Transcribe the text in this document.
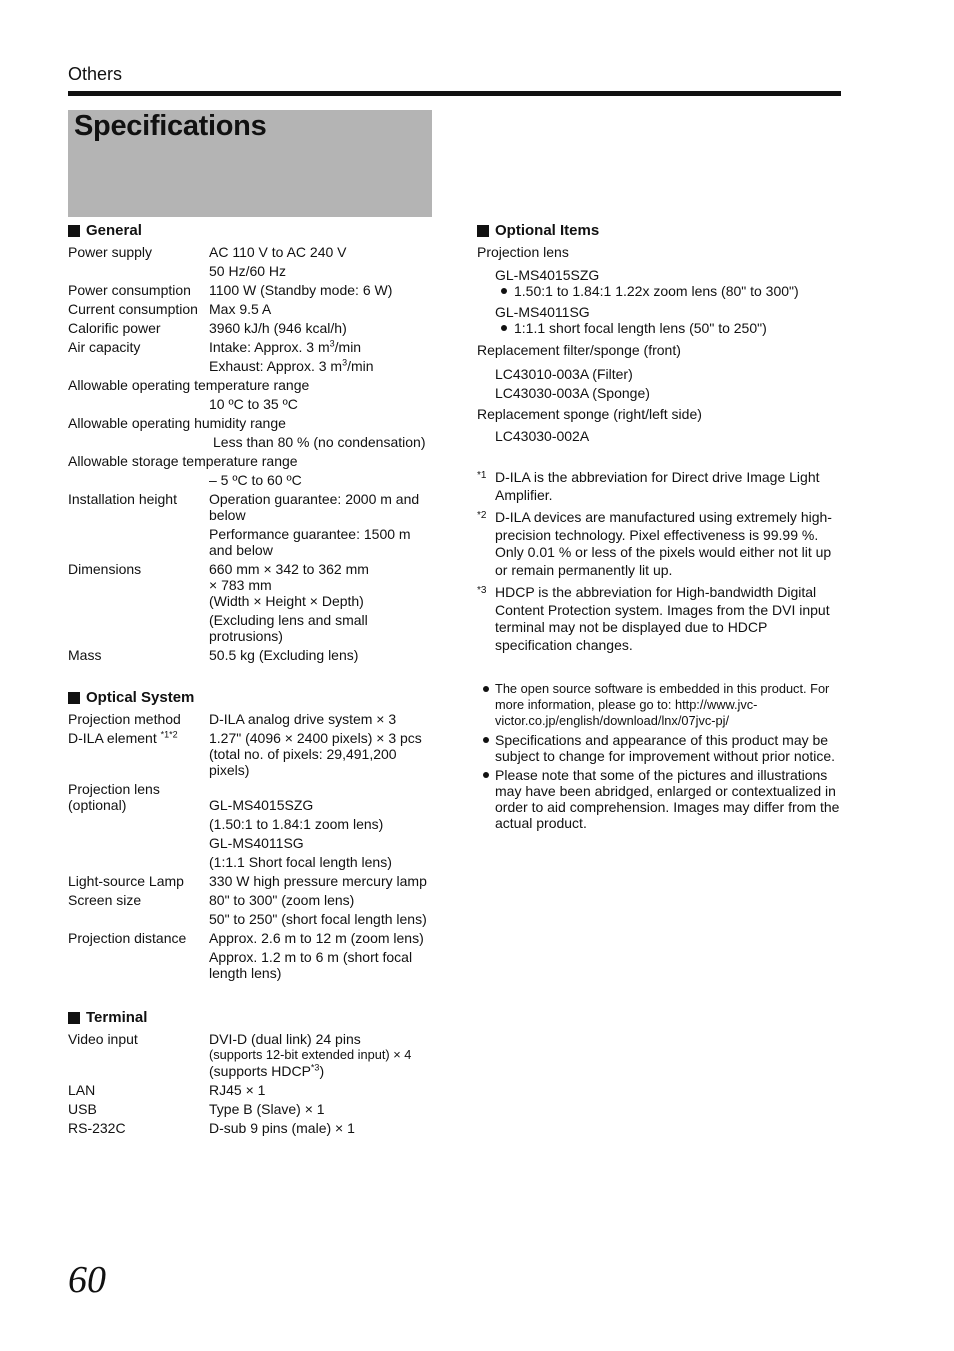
Others
Specifications
General
Power supply	AC 110 V to AC 240 V
50 Hz/60 Hz
Power consumption	1100 W (Standby mode: 6 W)
Current consumption Max 9.5 A
Calorific power	3960 kJ/h (946 kcal/h)
Air capacity	Intake: Approx. 3 $m^3/\min$
Exhaust: Approx. 3 $m^3/\min$
Allowable operating temperature range
10 ºC to 35 ºC
Allowable operating humidity range
Less than 80 % (no condensation)
Allowable storage temperature range
– 5 ºC to 60 ºC
Installation height	Operation guarantee: 2000 m and below
Performance guarantee: 1500 m and below
Dimensions	660 mm × 342 to 362 mm × 783 mm
(Width × Height × Depth)
(Excluding lens and small protrusions)
Mass	50.5 kg (Excluding lens)
Optical System
Projection method	D-ILA analog drive system × 3
D-ILA element $^{*1*2}$	1.27" (4096 × 2400 pixels) × 3 pcs (total no. of pixels: 29,491,200 pixels)
Projection lens
(optional)	GL-MS4015SZG
(1.50:1 to 1.84:1 zoom lens)
GL-MS4011SG
(1:1.1 Short focal length lens)
Light-source Lamp	330 W high pressure mercury lamp
Screen size	80" to 300" (zoom lens)
50" to 250" (short focal length lens)
Projection distance	Approx. 2.6 m to 12 m (zoom lens)
Approx. 1.2 m to 6 m (short focal length lens)
Terminal
Video input	DVI-D (dual link) 24 pins
(supports 12-bit extended input) × 4
(supports HDCP$^{*3}$)
LAN	RJ45 × 1
USB	Type B (Slave) × 1
RS-232C	D-sub 9 pins (male) × 1
Optional Items
Projection lens
GL-MS4015SZG
1.50:1 to 1.84:1 1.22x zoom lens (80" to 300")
GL-MS4011SG
1:1.1 short focal length lens (50" to 250")
Replacement filter/sponge (front)
LC43010-003A (Filter)
LC43030-003A (Sponge)
Replacement sponge (right/left side)
LC43030-002A
*1 D-ILA is the abbreviation for Direct drive Image Light Amplifier.
*2 D-ILA devices are manufactured using extremely high-precision technology. Pixel effectiveness is 99.99 %. Only 0.01 % or less of the pixels would either not lit up or remain permanently lit up.
*3 HDCP is the abbreviation for High-bandwidth Digital Content Protection system. Images from the DVI input terminal may not be displayed due to HDCP specification changes.
The open source software is embedded in this product. For more information, please go to: http://www.jvc-victor.co.jp/english/download/lnx/07jvc-pj/
Specifications and appearance of this product may be subject to change for improvement without prior notice.
Please note that some of the pictures and illustrations may have been abridged, enlarged or contextualized in order to aid comprehension. Images may differ from the actual product.
60
